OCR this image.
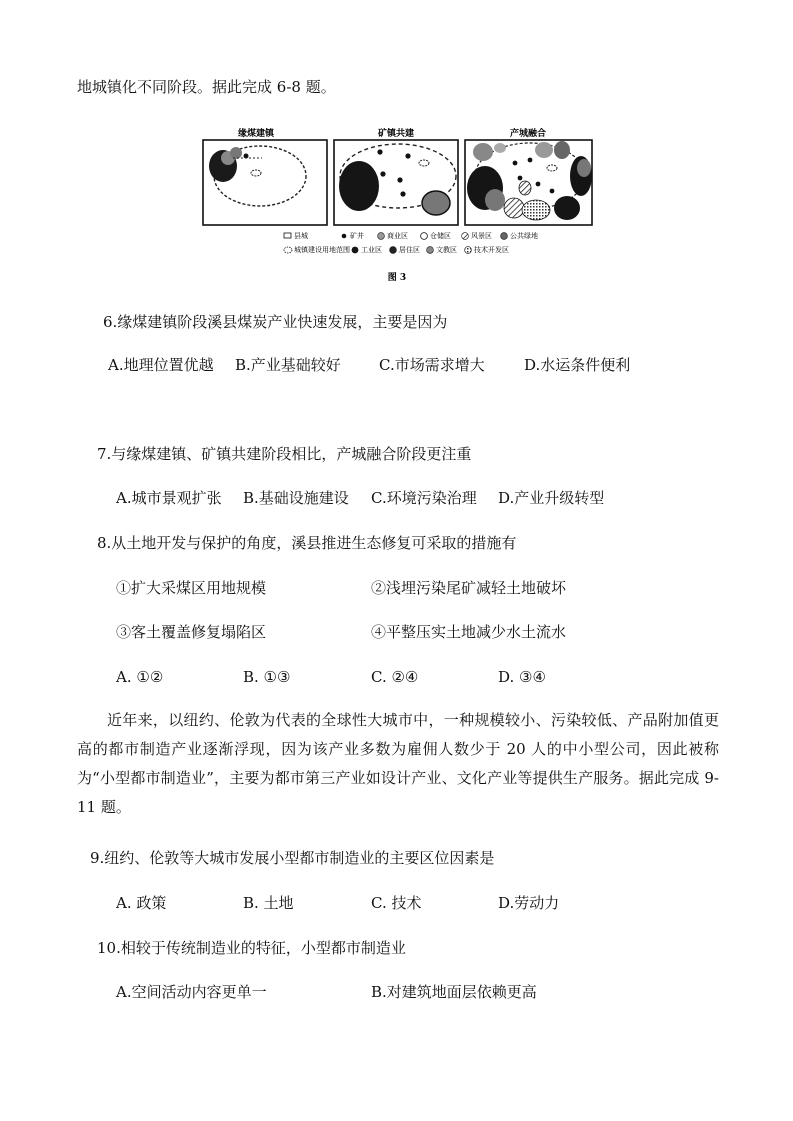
地城镇化不同阶段。据此完成 6-8 题。
缘煤建镇	矿镇共建	产城融合
县城	矿井	商业区	仓储区	风景区	公共绿地
城镇建设用地范围 工业区 居住区 文教区 技术开发区
图 3
6.缘煤建镇阶段溪县煤炭产业快速发展，主要是因为
A.地理位置优越 B.产业基础较好	C.市场需求增大	D.水运条件便利
7.与缘煤建镇、矿镇共建阶段相比，产城融合阶段更注重
A.城市景观扩张 B.基础设施建设 C.环境污染治理 D.产业升级转型
8.从土地开发与保护的角度，溪县推进生态修复可采取的措施有
①扩大采煤区用地规模	②浅埋污染尾矿减轻土地破坏
③客土覆盖修复塌陷区	④平整压实土地减少水土流水
A. ①②	B. ①③	C. ②④	D. ③④
近年来，以纽约、伦敦为代表的全球性大城市中，一种规模较小、污染较低、产品附加值更高的都市制造产业逐渐浮现，因为该产业多数为雇佣人数少于 20 人的中小型公司，因此被称为“小型都市制造业”，主要为都市第三产业如设计产业、文化产业等提供生产服务。据此完成 9-11 题。
9.纽约、伦敦等大城市发展小型都市制造业的主要区位因素是
A. 政策	B. 土地	C. 技术	D.劳动力
10.相较于传统制造业的特征，小型都市制造业
A.空间活动内容更单一	B.对建筑地面层依赖更高
